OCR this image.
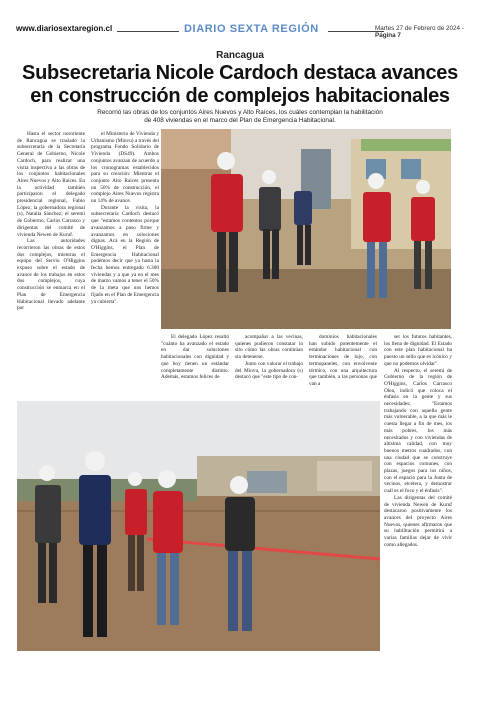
www.diariosextaregion.cl	DIARIO SEXTA REGIÓN	Martes 27 de Febrero de 2024 - Página 7
Rancagua
Subsecretaria Nicole Cardoch destaca avances
en construcción de complejos habitacionales
Recorrió las obras de los conjuntos Aires Nuevos y Alto Raíces, los cuáles contemplan la habilitación
de 408 viviendas en el marco del Plan de Emergencia Habitacional.

Hasta el sector nororiente de Rancagua se trasladó la subsecretaria de la Secretaría General de Gobierno, Nicole Cardoch, para realizar una visita inspectiva a las obras de los conjuntos habitacionales Aires Nuevos y Alto Raíces. En la actividad también participaron el delegado presidencial regional, Fabio López; la gobernadora regional (s), Natalia Sánchez; el seremi de Gobierno, Carlos Carrasco y dirigentas del comité de vivienda Newen de Kuruf.

Las autoridades recorrieron las obras de estos dos complejos, mientras el equipo del Serviu O'Higgins expuso sobre el estado de avance de los trabajos en estos dos complejos, cuya construcción se enmarca en el Plan de Emergencia Habitacional llevado adelante por

el Ministerio de Vivienda y Urbanismo (Minvu) a través del programa Fondo Solidario de Vivienda (DS49). Ambos conjuntos avanzan de acuerdo a los cronogramas establecidos para su creación: Mientras el conjunto Alto Raíces presenta un 50% de construcción, el complejo Aires Nuevos registra un 14% de avance.

Durante la visita, la subsecretaria Cardoch destacó que "estamos contentos porque avanzamos a paso firme y avanzamos en soluciones dignas. Acá en la Región de O'Higgins, el Plan de Emergencia Habitacional podemos decir que ya hasta la fecha hemos entregado 6.300 viviendas y a que ya en el mes de marzo vamos a tener el 50% de la meta que nos hemos fijado en el Plan de Emergencia ya cubierta".

El delegado López resaltó "cuánto ha avanzado el estado en dar soluciones habitacionales con dignidad y que hoy tienen un estándar completamente distinto. Además, estamos felices de

acompañar a las vecinas, quienes pudieron constatar in situ cómo las obras continúan sin detenerse.

Junto con valorar el trabajo del Minvu, la gobernadora (s) destacó que "este tipo de con-

dominios habitacionales han subido potentemente el estándar habitacional con terminaciones de lujo, con termopaneles, con envolvente térmico, con una arquitectura que también, a las personas que van a

ser los futuros habitantes, los llena de dignidad. El Estado con este plan habitacional ha puesto un sello que es icónico y que no podemos olvidar".

Al respecto, el seremi de Gobierno de la región de O'Higgins, Carlos Carrasco Olea, indicó que coloca el énfasis en la gente y sus necesidades; "Estamos trabajando con aquella gente más vulnerable, a la que más le cuesta llegar a fin de mes, los más pobres, los más necesitados y con viviendas de altísima calidad, con muy buenos metros cuadrados, con una ciudad que se construye con espacios comunes, con plazas, juegos para los niños, con el espacio para la Junta de vecinos, etcétera, y demostrar cuál es el foco y el énfasis".

Las dirigentas del comité de vivienda Newen de Kuruf destacaron positivamente los avances del proyecto Aires Nuevos, quienes afirmaron que su habilitación permitirá a varias familias dejar de vivir como allegados.
